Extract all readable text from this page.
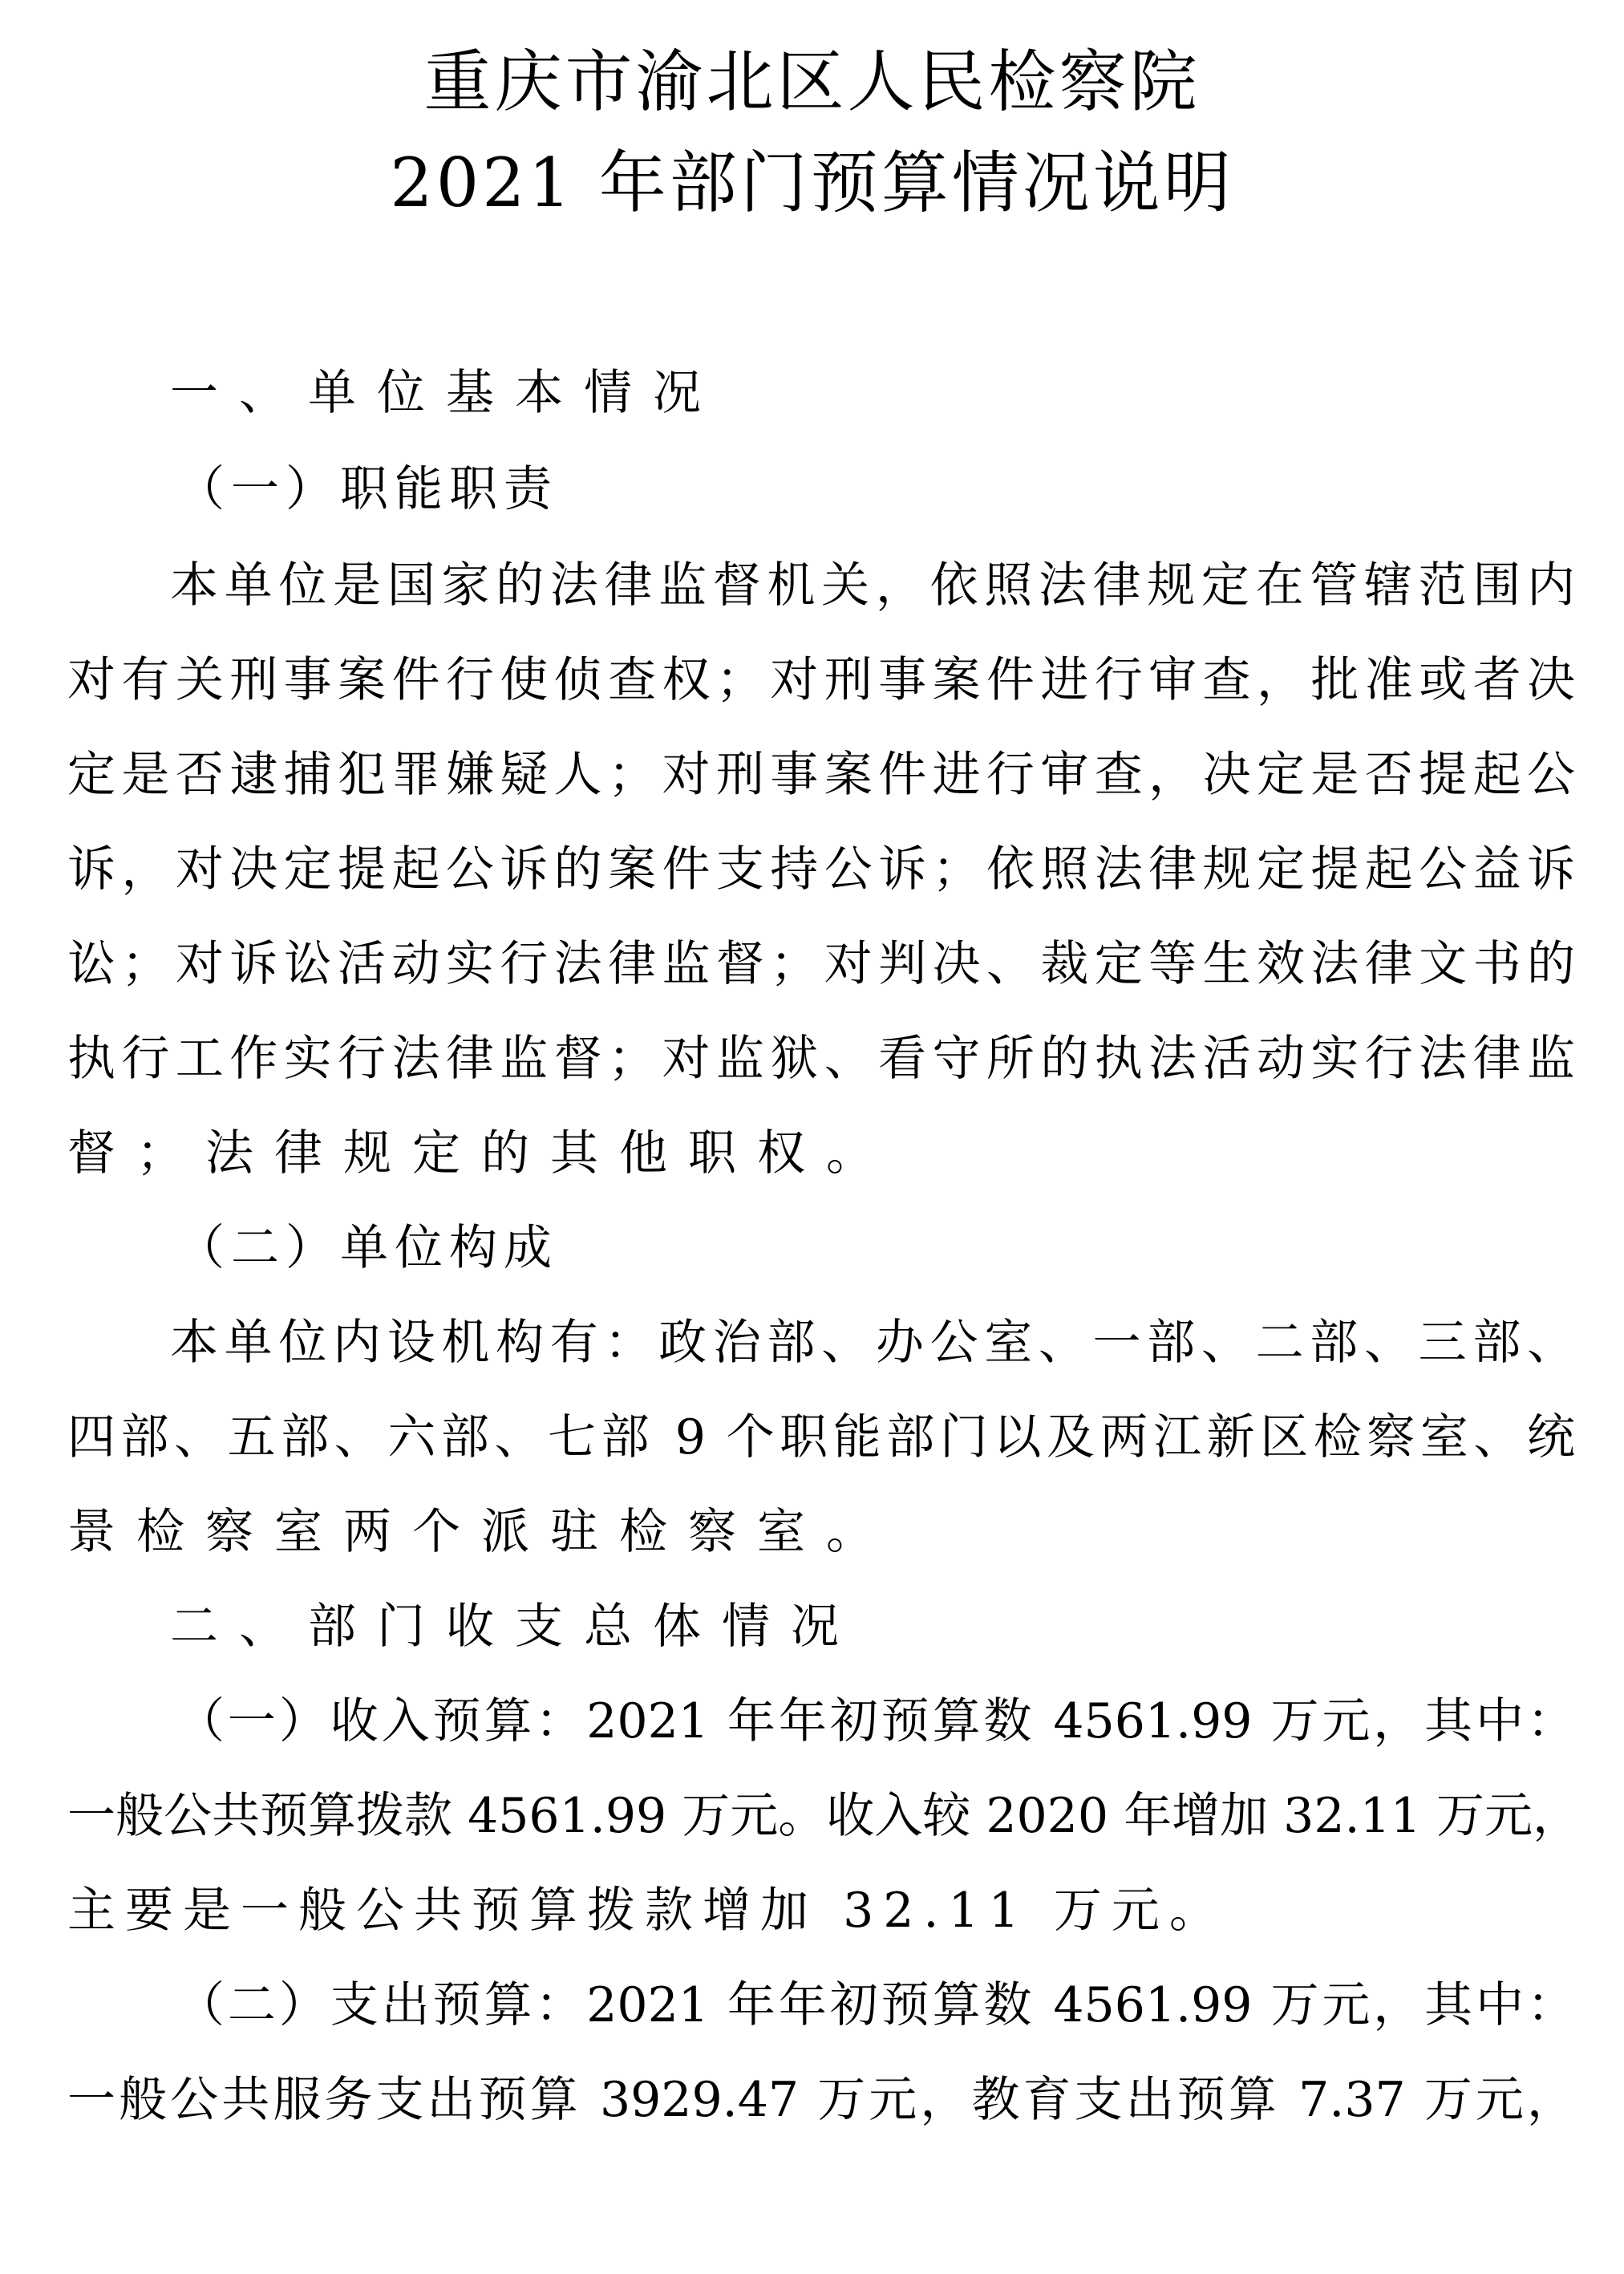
重庆市渝北区人民检察院
2021 年部门预算情况说明
一、单位基本情况
（一）职能职责
本单位是国家的法律监督机关，依照法律规定在管辖范围内
对有关刑事案件行使侦查权；对刑事案件进行审查，批准或者决
定是否逮捕犯罪嫌疑人；对刑事案件进行审查，决定是否提起公
诉，对决定提起公诉的案件支持公诉；依照法律规定提起公益诉
讼；对诉讼活动实行法律监督；对判决、裁定等生效法律文书的
执行工作实行法律监督；对监狱、看守所的执法活动实行法律监
督；法律规定的其他职权。
（二）单位构成
本单位内设机构有：政治部、办公室、一部、二部、三部、
四部、五部、六部、七部 9 个职能部门以及两江新区检察室、统
景检察室两个派驻检察室。
二、部门收支总体情况
（一）收入预算：2021 年年初预算数 4561.99 万元，其中：
一般公共预算拨款 4561.99 万元。收入较 2020 年增加 32.11 万元，
主要是一般公共预算拨款增加 32.11 万元。
（二）支出预算：2021 年年初预算数 4561.99 万元，其中：
一般公共服务支出预算 3929.47 万元，教育支出预算 7.37 万元，
